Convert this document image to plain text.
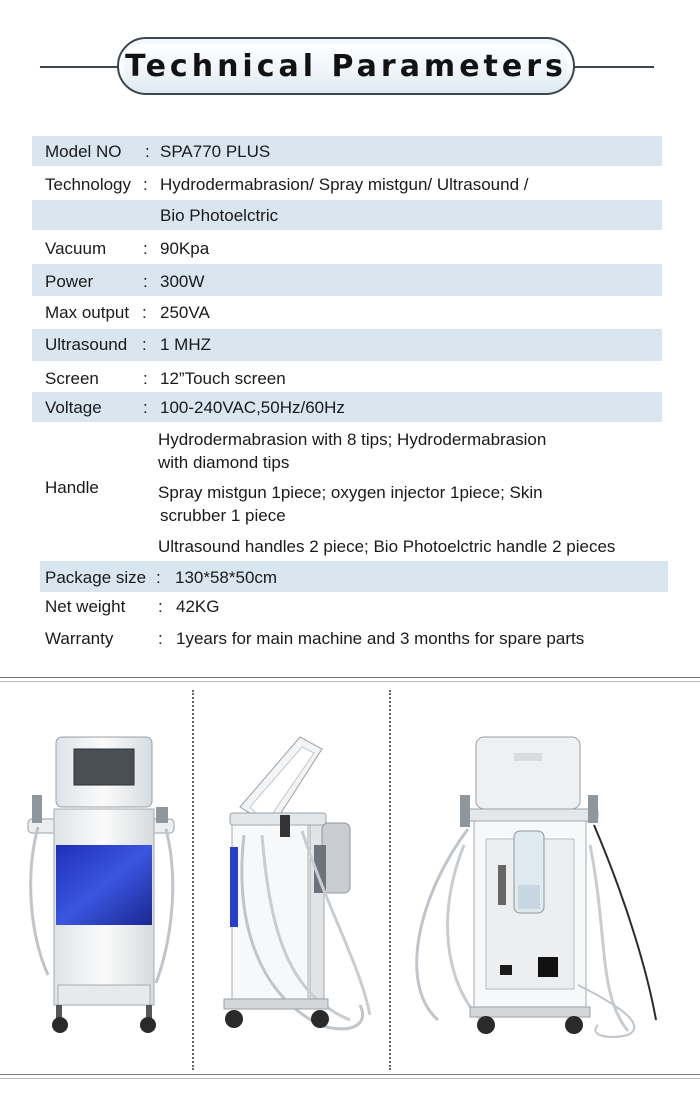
Technical Parameters
Model NO : SPA770 PLUS
Technology : Hydrodermabrasion/ Spray mistgun/ Ultrasound /
Bio Photoelctric
Vacuum : 90Kpa
Power	: 300W
Max output : 250VA
Ultrasound : 1 MHZ
Screen	: 12”Touch screen
Voltage : 100-240VAC,50Hz/60Hz
Handle
Hydrodermabrasion with 8 tips; Hydrodermabrasion
with diamond tips
Spray mistgun 1piece; oxygen injector 1piece; Skin
scrubber 1 piece
Ultrasound handles 2 piece; Bio Photoelctric handle 2 pieces
Package size : 130*58*50cm
Net weight : 42KG
Warranty	: 1years for main machine and 3 months for spare parts
